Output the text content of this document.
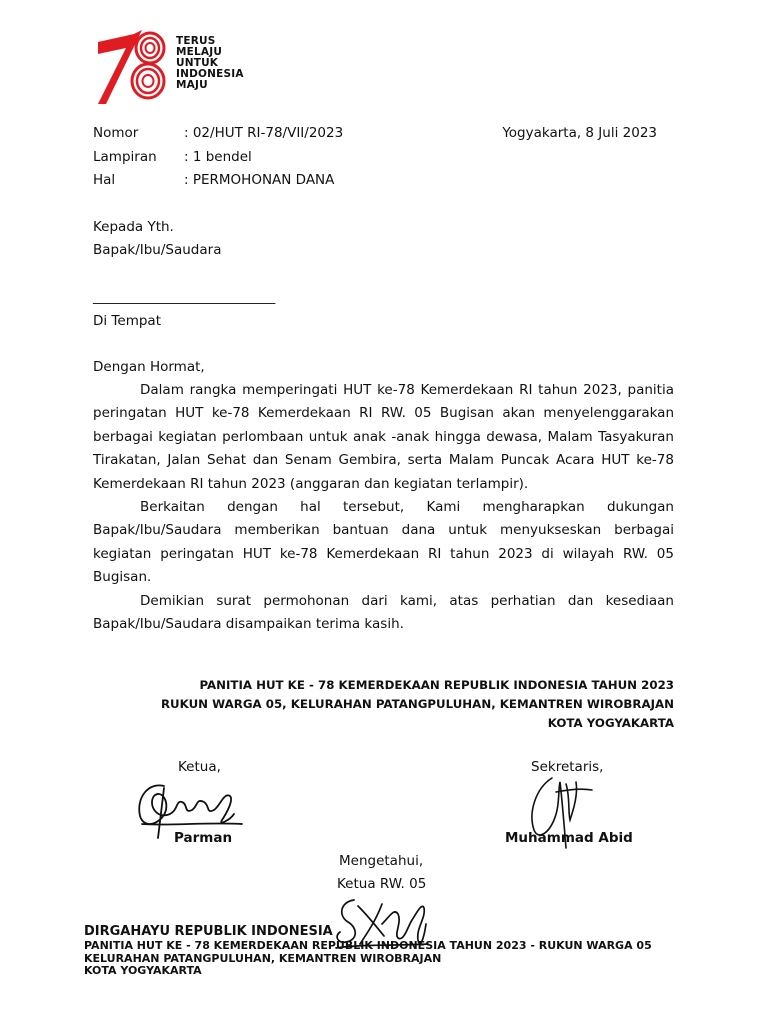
TERUS
MELAJU
UNTUK
INDONESIA
MAJU
Nomor	: 02/HUT RI-78/VII/2023	Yogyakarta, 8 Juli 2023
Lampiran : 1 bendel
Hal	: PERMOHONAN DANA
Kepada Yth.
Bapak/Ibu/Saudara
___________________________
Di Tempat
Dengan Hormat,

Dalam rangka memperingati HUT ke-78 Kemerdekaan RI tahun 2023, panitia peringatan HUT ke-78 Kemerdekaan RI RW. 05 Bugisan akan menyelenggarakan berbagai kegiatan perlombaan untuk anak -anak hingga dewasa, Malam Tasyakuran Tirakatan, Jalan Sehat dan Senam Gembira, serta Malam Puncak Acara HUT ke-78 Kemerdekaan RI tahun 2023 (anggaran dan kegiatan terlampir).

Berkaitan dengan hal tersebut, Kami mengharapkan dukungan Bapak/Ibu/Saudara memberikan bantuan dana untuk menyukseskan berbagai kegiatan peringatan HUT ke-78 Kemerdekaan RI tahun 2023 di wilayah RW. 05 Bugisan.

Demikian surat permohonan dari kami, atas perhatian dan kesediaan Bapak/Ibu/Saudara disampaikan terima kasih.

PANITIA HUT KE - 78 KEMERDEKAAN REPUBLIK INDONESIA TAHUN 2023
RUKUN WARGA 05, KELURAHAN PATANGPULUHAN, KEMANTREN WIROBRAJAN
KOTA YOGYAKARTA
Ketua,	Sekretaris,
Parman	Muhammad Abid
Mengetahui,
Ketua RW. 05
DIRGAHAYU REPUBLIK INDONESIA
PANITIA HUT KE - 78 KEMERDEKAAN REPUBLIK INDONESIA TAHUN 2023 - RUKUN WARGA 05
KELURAHAN PATANGPULUHAN, KEMANTREN WIROBRAJAN
KOTA YOGYAKARTA
